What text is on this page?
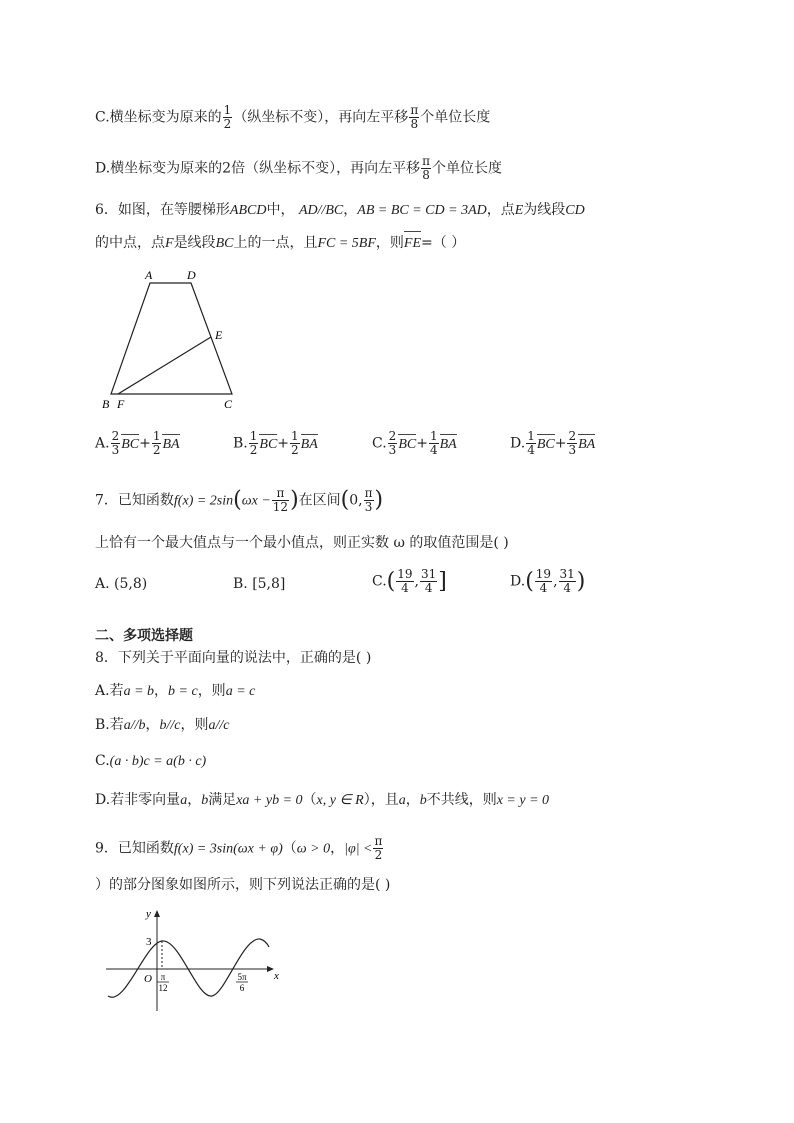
C.横坐标变为原来的 $\frac{1}{2}$ （纵坐标不变），再向左平移 $\frac{\pi}{8}$ 个单位长度
D.横坐标变为原来的2倍（纵坐标不变），再向左平移 $\frac{\pi}{8}$ 个单位长度
6．如图，在等腰梯形ABCD中， AD//BC，AB = BC = CD = 3AD，点E为线段CD
的中点，点F是线段BC上的一点，且FC = 5BF，则FE=（ ）
A	D
E
B F	C
A. $\frac{2}{3} BC+ \frac{1}{2}$ BA	B. $\frac{1}{2} BC+ \frac{1}{2}$ BA	C. $\frac{2}{3} BC+ \frac{1}{4}$ BA	D. $\frac{1}{4} BC+ \frac{2}{3}$ BA
7．已知函数$f(x) = 2\sin(\omega x - \frac{\pi}{12}$ )在区间(0, $\frac{\pi}{3}$ )
上恰有一个最大值点与一个最小值点，则正实数 ω 的取值范围是( )
A. (5,8)	B. [5,8]	$C.( \frac{19}{4}$ , $\frac{31}{4}$ ]	$D.( \frac{19}{4}$ , $\frac{31}{4}$ )
二、多项选择题
8．下列关于平面向量的说法中，正确的是( )
A.若a = b，b = c，则a = c
B.若a//b，b//c，则a//c
C.(a · b)c = a(b · c)
D.若非零向量a，b满足xa + yb = 0（x, y ∈ R），且a，b不共线，则x = y = 0
9．已知函数f(x) = 3sin(ωx + φ)（ω > 0，$|\varphi| < \frac{\pi}{2}$
）的部分图象如图所示，则下列说法正确的是( )
x
y
3
O π
12
5π
6
